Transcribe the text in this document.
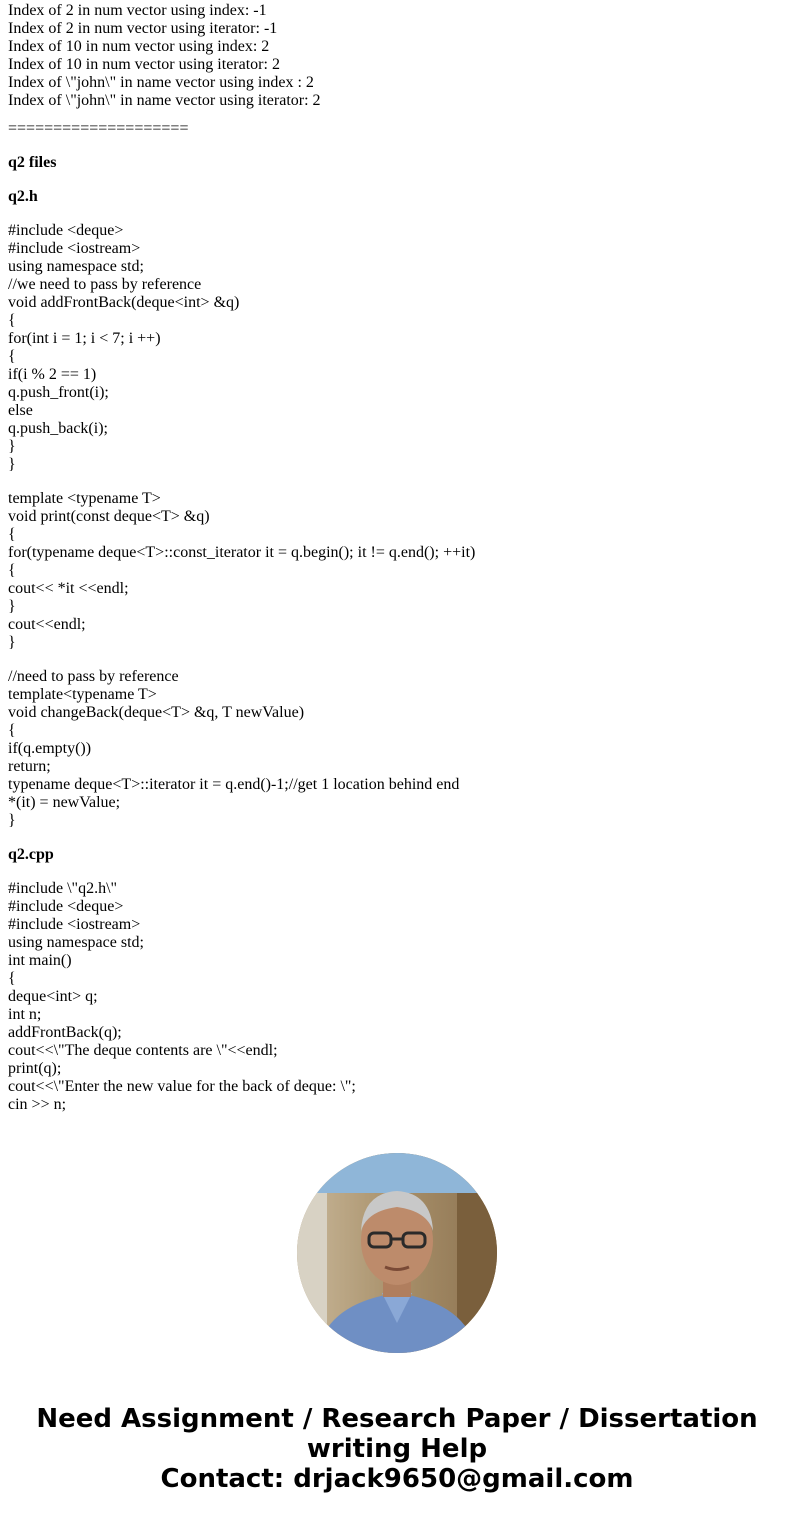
Index of 2 in num vector using index: -1
Index of 2 in num vector using iterator: -1
Index of 10 in num vector using index: 2
Index of 10 in num vector using iterator: 2
Index of \"john\" in name vector using index : 2
Index of \"john\" in name vector using iterator: 2
====================
q2 files
q2.h
#include <deque>
#include <iostream>
using namespace std;
//we need to pass by reference
void addFrontBack(deque<int> &q)
{
for(int i = 1; i < 7; i ++)
{
if(i % 2 == 1)
q.push_front(i);
else
q.push_back(i);
}
}
template <typename T>
void print(const deque<T> &q)
{
for(typename deque<T>::const_iterator it = q.begin(); it != q.end(); ++it)
{
cout<< *it <<endl;
}
cout<<endl;
}
//need to pass by reference
template<typename T>
void changeBack(deque<T> &q, T newValue)
{
if(q.empty())
return;
typename deque<T>::iterator it = q.end()-1;//get 1 location behind end
*(it) = newValue;
}
q2.cpp
#include \"q2.h\"
#include <deque>
#include <iostream>
using namespace std;
int main()
{
deque<int> q;
int n;
addFrontBack(q);
cout<<\"The deque contents are \"<<endl;
print(q);
cout<<\"Enter the new value for the back of deque: \";
cin >> n;
Need Assignment / Research Paper / Dissertation
writing Help
Contact: drjack9650@gmail.com
